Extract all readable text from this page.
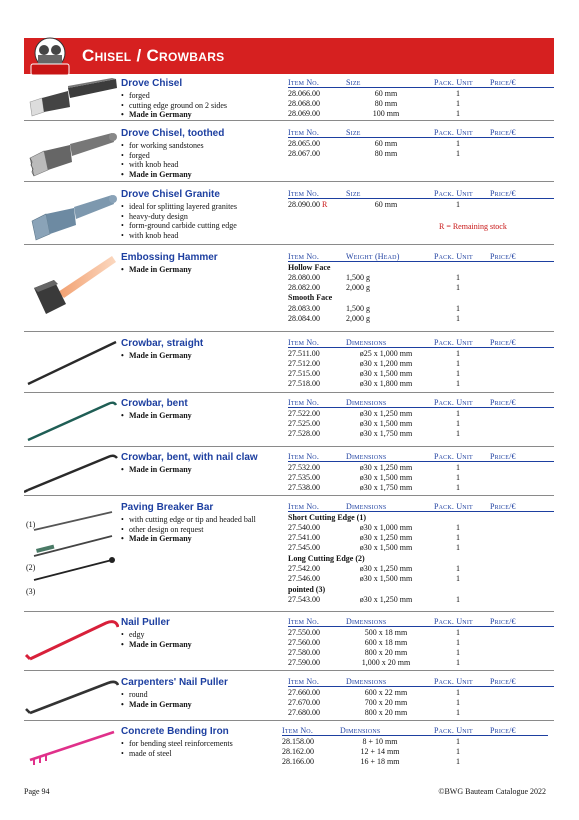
Chisel / Crowbars
Drove Chisel
• forged
• cutting edge ground on 2 sides
• Made in Germany
Item No.	Size	Pack. Unit Price/€
28.066.00	60 mm	1
28.068.00	80 mm	1
28.069.00	100 mm	1
Drove Chisel, toothed
• for working sandstones
• forged
• with knob head
• Made in Germany
Item No.	Size	Pack. Unit Price/€
28.065.00	60 mm	1
28.067.00	80 mm	1
Drove Chisel Granite
• ideal for splitting layered granites
• heavy-duty design
• form-ground carbide cutting edge
• with knob head
Item No.	Size	Pack. Unit Price/€
28.090.00 R	60 mm	1
R = Remaining stock
Embossing Hammer
• Made in Germany
Item No.	Weight (Head)	Pack. Unit Price/€
Hollow Face
28.080.00	1,500 g	1
28.082.00	2,000 g	1
Smooth Face
28.083.00	1,500 g	1
28.084.00	2,000 g	1
Crowbar, straight
• Made in Germany
Item No.	Dimensions	Pack. Unit Price/€
27.511.00	ø25 x 1,000 mm	1
27.512.00	ø30 x 1,200 mm	1
27.515.00	ø30 x 1,500 mm	1
27.518.00	ø30 x 1,800 mm	1
Crowbar, bent
• Made in Germany
Item No.	Dimensions	Pack. Unit Price/€
27.522.00	ø30 x 1,250 mm	1
27.525.00	ø30 x 1,500 mm	1
27.528.00	ø30 x 1,750 mm	1
Crowbar, bent, with nail claw
• Made in Germany
Item No.	Dimensions	Pack. Unit Price/€
27.532.00	ø30 x 1,250 mm	1
27.535.00	ø30 x 1,500 mm	1
27.538.00	ø30 x 1,750 mm	1
(1)
(2)
(3)
Paving Breaker Bar
• with cutting edge or tip and headed ball
• other design on request
• Made in Germany
Item No.	Dimensions	Pack. Unit Price/€
Short Cutting Edge (1)
27.540.00	ø30 x 1,000 mm	1
27.541.00	ø30 x 1,250 mm	1
27.545.00	ø30 x 1,500 mm	1
Long Cutting Edge (2)
27.542.00	ø30 x 1,250 mm	1
27.546.00	ø30 x 1,500 mm	1
pointed (3)
27.543.00	ø30 x 1,250 mm	1
Nail Puller
• edgy
• Made in Germany
Item No.	Dimensions	Pack. Unit Price/€
27.550.00	500 x 18 mm	1
27.560.00	600 x 18 mm	1
27.580.00	800 x 20 mm	1
27.590.00	1,000 x 20 mm	1
Carpenters' Nail Puller
• round
• Made in Germany
Item No.	Dimensions	Pack. Unit Price/€
27.660.00	600 x 22 mm	1
27.670.00	700 x 20 mm	1
27.680.00	800 x 20 mm	1
Concrete Bending Iron
• for bending steel reinforcements
• made of steel
Item No.	Dimensions	Pack. Unit Price/€
28.158.00	8 + 10 mm	1
28.162.00	12 + 14 mm	1
28.166.00	16 + 18 mm	1
Page 94	©BWG Bauteam Catalogue 2022
